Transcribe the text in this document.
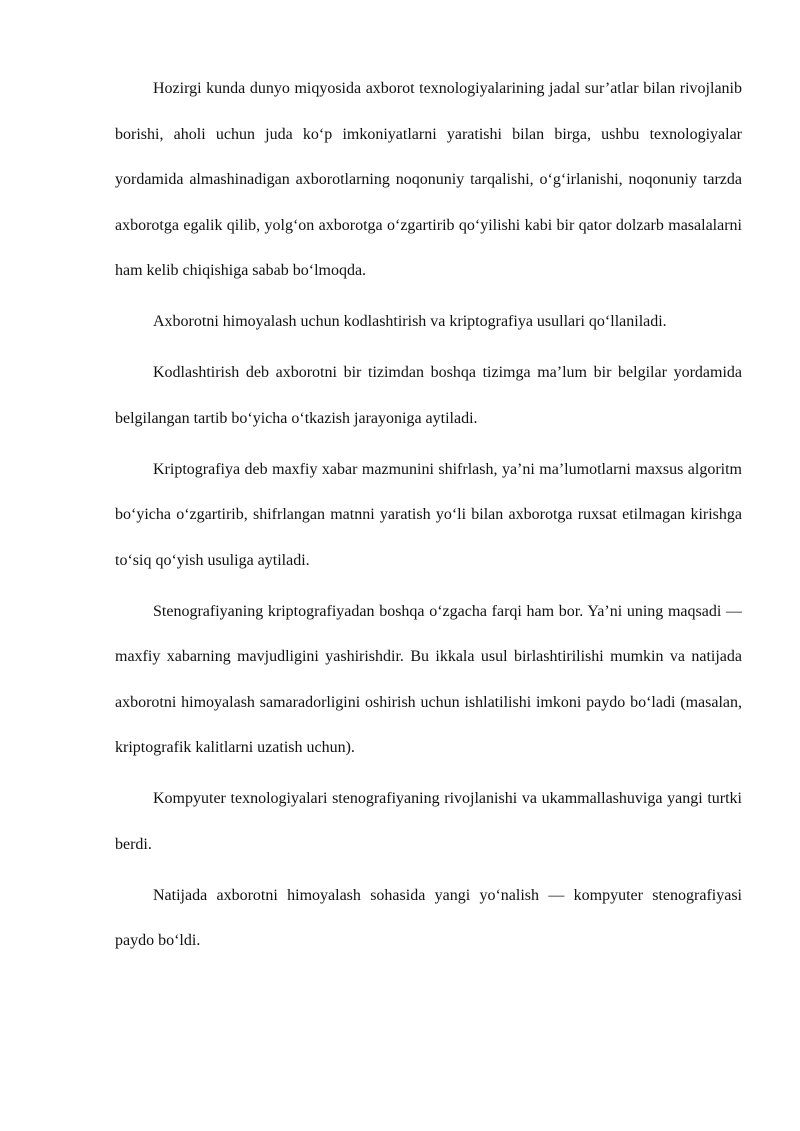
Hozirgi kunda dunyo miqyosida axborot texnologiyalarining jadal sur’atlar bilan rivojlanib borishi, aholi uchun juda ko‘p imkoniyatlarni yaratishi bilan birga, ushbu texnologiyalar yordamida almashinadigan axborotlarning noqonuniy tarqalishi, o‘g‘irlanishi, noqonuniy tarzda axborotga egalik qilib, yolg‘on axborotga o‘zgartirib qo‘yilishi kabi bir qator dolzarb masalalarni ham kelib chiqishiga sabab bo‘lmoqda.

Axborotni himoyalash uchun kodlashtirish va kriptografiya usullari qo‘llaniladi.

Kodlashtirish deb axborotni bir tizimdan boshqa tizimga ma’lum bir belgilar yordamida belgilangan tartib bo‘yicha o‘tkazish jarayoniga aytiladi.

Kriptografiya deb maxfiy xabar mazmunini shifrlash, ya’ni ma’lumotlarni maxsus algoritm bo‘yicha o‘zgartirib, shifrlangan matnni yaratish yo‘li bilan axborotga ruxsat etilmagan kirishga to‘siq qo‘yish usuliga aytiladi.

Stenografiyaning kriptografiyadan boshqa o‘zgacha farqi ham bor. Ya’ni uning maqsadi — maxfiy xabarning mavjudligini yashirishdir. Bu ikkala usul birlashtirilishi mumkin va natijada axborotni himoyalash samaradorligini oshirish uchun ishlatilishi imkoni paydo bo‘ladi (masalan, kriptografik kalitlarni uzatish uchun).

Kompyuter texnologiyalari stenografiyaning rivojlanishi va ukammallashuviga yangi turtki berdi.

Natijada axborotni himoyalash sohasida yangi yo‘nalish — kompyuter stenografiyasi paydo bo‘ldi.
